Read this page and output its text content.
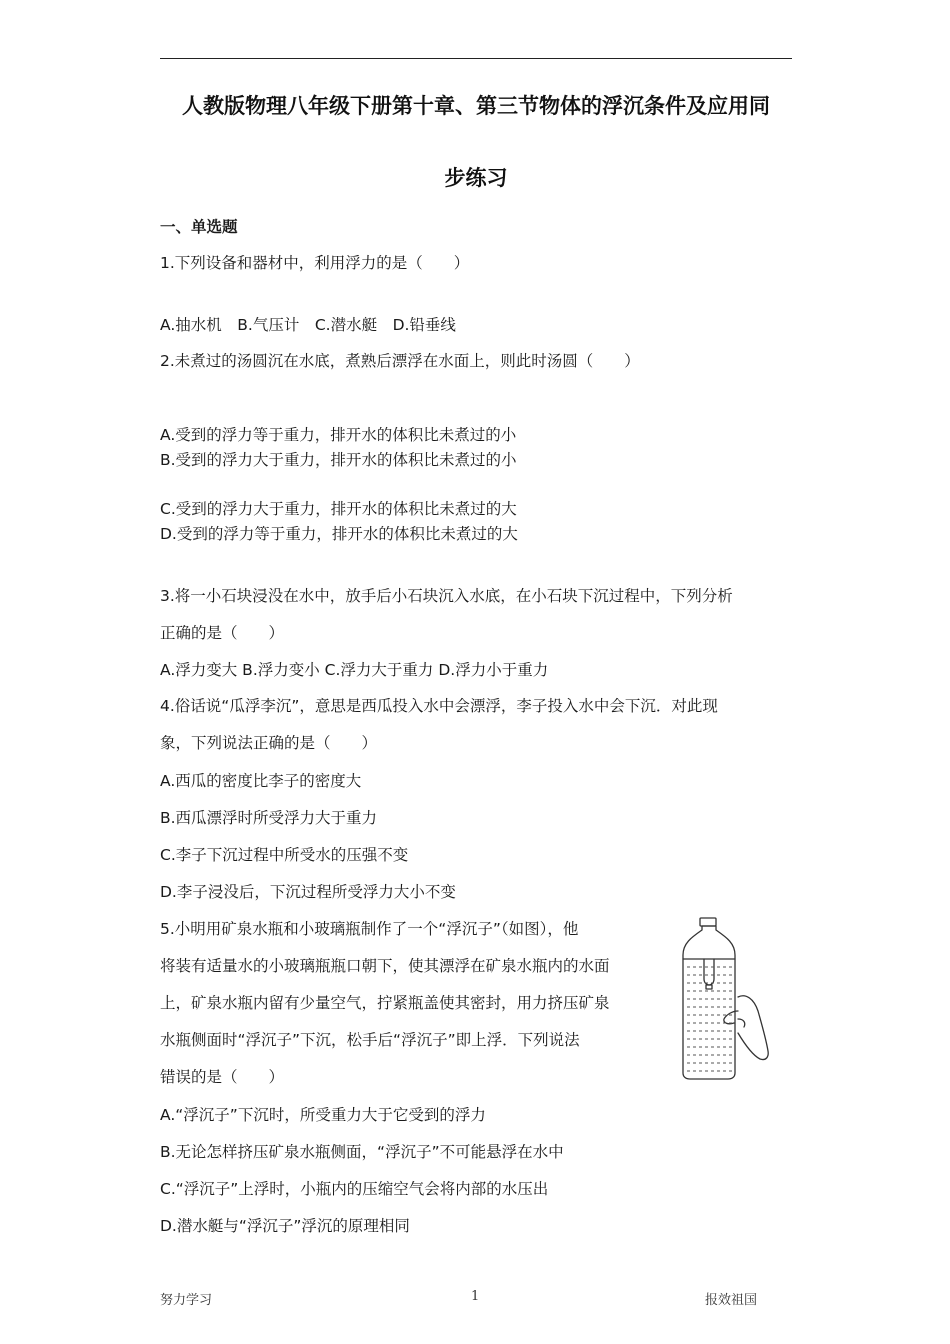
人教版物理八年级下册第十章、第三节物体的浮沉条件及应用同
步练习
一、单选题
1.下列设备和器材中，利用浮力的是（　　）
A.抽水机　B.气压计　C.潜水艇　D.铅垂线
2.未煮过的汤圆沉在水底，煮熟后漂浮在水面上，则此时汤圆（　　）
A.受到的浮力等于重力，排开水的体积比未煮过的小
B.受到的浮力大于重力，排开水的体积比未煮过的小
C.受到的浮力大于重力，排开水的体积比未煮过的大
D.受到的浮力等于重力，排开水的体积比未煮过的大
3.将一小石块浸没在水中，放手后小石块沉入水底，在小石块下沉过程中，下列分析
正确的是（　　）
A.浮力变大 B.浮力变小 C.浮力大于重力 D.浮力小于重力
4.俗话说“瓜浮李沉”，意思是西瓜投入水中会漂浮，李子投入水中会下沉．对此现
象，下列说法正确的是（　　）
A.西瓜的密度比李子的密度大
B.西瓜漂浮时所受浮力大于重力
C.李子下沉过程中所受水的压强不变
D.李子浸没后，下沉过程所受浮力大小不变
5.小明用矿泉水瓶和小玻璃瓶制作了一个“浮沉子”（如图），他
将装有适量水的小玻璃瓶瓶口朝下，使其漂浮在矿泉水瓶内的水面
上，矿泉水瓶内留有少量空气，拧紧瓶盖使其密封，用力挤压矿泉
水瓶侧面时“浮沉子”下沉，松手后“浮沉子”即上浮．下列说法
错误的是（　　）
A.“浮沉子”下沉时，所受重力大于它受到的浮力
B.无论怎样挤压矿泉水瓶侧面，“浮沉子”不可能悬浮在水中
C.“浮沉子”上浮时，小瓶内的压缩空气会将内部的水压出
D.潜水艇与“浮沉子”浮沉的原理相同
努力学习	1	报效祖国
